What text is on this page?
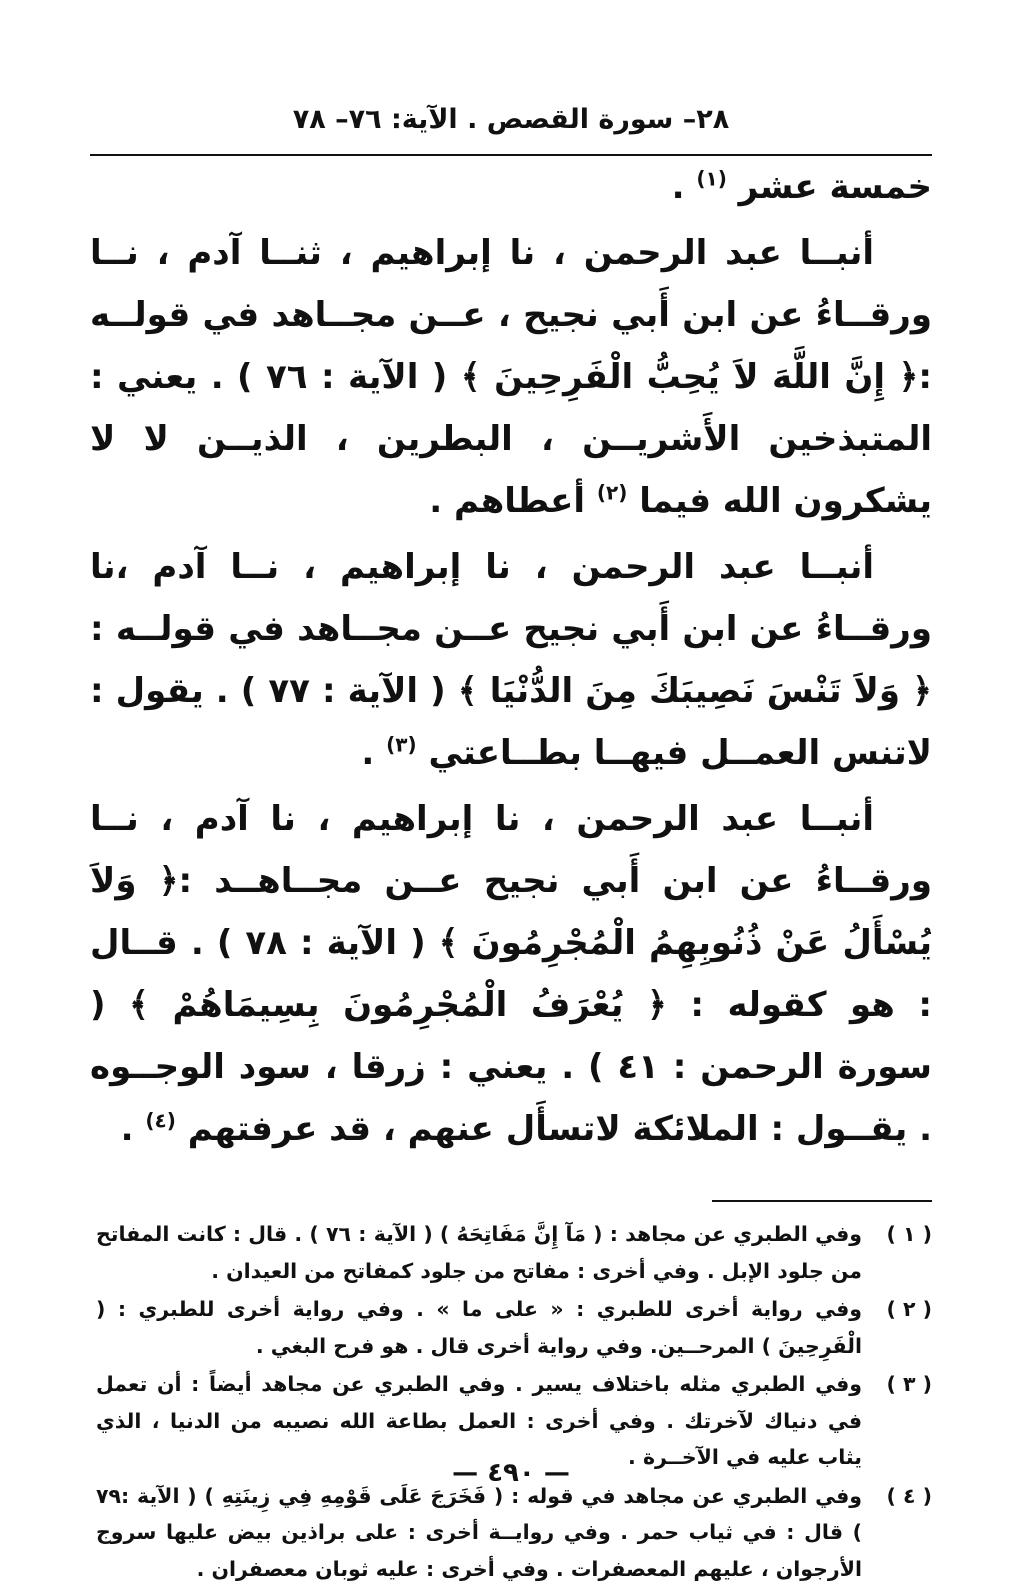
٢٨– سورة القصص . الآية: ٧٦– ٧٨

خمسة عشر $^{(١)}$ .

أنبــا عبد الرحمن ، نا إبراهيم ، ثنــا آدم ، نــا ورقــاءُ عن ابن أَبي نجيح ، عــن مجــاهد في قولــه :﴿ إِنَّ اللَّهَ لاَ يُحِبُّ الْفَرِحِينَ ﴾ ( الآية : ٧٦ ) . يعني : المتبذخين الأَشريــن ، البطرين ، الذيــن لا لا يشكرون الله فيما $^{(٢)}$ أعطاهم .

أنبــا عبد الرحمن ، نا إبراهيم ، نــا آدم ،نا ورقــاءُ عن ابن أَبي نجيح عــن مجــاهد في قولــه : ﴿ وَلاَ تَنْسَ نَصِيبَكَ مِنَ الدُّنْيَا ﴾ ( الآية : ٧٧ ) . يقول : لاتنس العمــل فيهــا بطــاعتي $^{(٣)}$ .

أنبــا عبد الرحمن ، نا إبراهيم ، نا آدم ، نــا ورقــاءُ عن ابن أَبي نجيح عــن مجــاهــد :﴿ وَلاَ يُسْأَلُ عَنْ ذُنُوبِهِمُ الْمُجْرِمُونَ ﴾ ( الآية : ٧٨ ) . قــال : هو كقوله : ﴿ يُعْرَفُ الْمُجْرِمُونَ بِسِيمَاهُمْ ﴾ ( سورة الرحمن : ٤١ ) . يعني : زرقا ، سود الوجــوه . يقــول : الملائكة لاتسأَل عنهم ، قد عرفتهم $^{(٤)}$ .

( ١ )
وفي الطبري عن مجاهد : ( مَآ إِنَّ مَفَاتِحَهُ ) ( الآية : ٧٦ ) . قال : كانت المفاتح من جلود الإبل . وفي أخرى : مفاتح من جلود كمفاتح من العيدان .
( ٢ )
وفي رواية أخرى للطبري : « على ما » . وفي رواية أخرى للطبري : ( الْفَرِحِينَ ) المرحــين. وفي رواية أخرى قال . هو فرح البغي .
( ٣ )
وفي الطبري مثله باختلاف يسير . وفي الطبري عن مجاهد أيضاً : أن تعمل في دنياك لآخرتك . وفي أخرى : العمل بطاعة الله نصيبه من الدنيا ، الذي يثاب عليه في الآخــرة .
( ٤ )
وفي الطبري عن مجاهد في قوله : ( فَخَرَجَ عَلَى قَوْمِهِ فِي زِينَتِهِ ) ( الآية :٧٩ ) قال : في ثياب حمر . وفي روايــة أخرى : على براذين بيض عليها سروج الأرجوان ، عليهم المعصفرات . وفي أخرى : عليه ثوبان معصفران .
— ٤٩٠ —
